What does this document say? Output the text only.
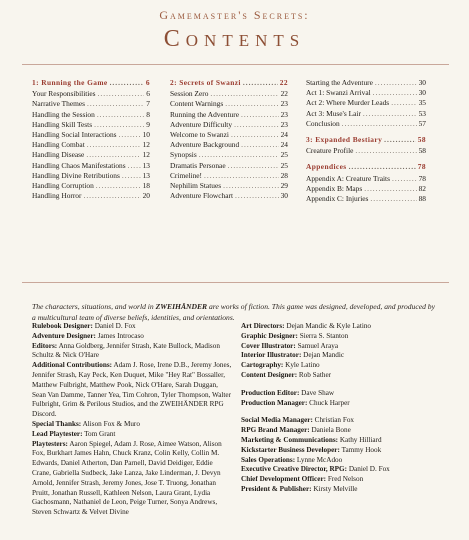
Gamemaster's Secrets:
Contents
1: Running the Game .....	6
Your Responsibilities .....	6
Narrative Themes .....	7
Handling the Session .....	8
Handling Skill Tests .....	9
Handling Social Interactions .....	10
Handling Combat .....	12
Handling Disease .....	12
Handling Chaos Manifestations ..... 13
Handling Divine Retributions .....	13
Handling Corruption .....	18
Handling Horror .....	20
2: Secrets of Swanzi .....	22
Session Zero .....	22
Content Warnings .....	23
Running the Adventure .....	23
Adventure Difficulty .....	23
Welcome to Swanzi .....	24
Adventure Background .....	24
Synopsis .....	25
Dramatis Personae .....	25
Crimeline! .....	28
Nephilim Statues .....	29
Adventure Flowchart .....	30
Starting the Adventure .....	30
Act 1: Swanzi Arrival .....	30
Act 2: Where Murder Leads .....	35
Act 3: Muse's Lair .....	53
Conclusion .....	57
3: Expanded Bestiary .....	58
Creature Profile .....	58
Appendices .....	78
Appendix A: Creature Traits .....	78
Appendix B: Maps .....	82
Appendix C: Injuries .....	88
The characters, situations, and world in ZWEIHÄNDER are works of fiction. This game was designed, developed, and produced by a multicultural team of diverse beliefs, identities, and orientations.

Rulebook Designer: Daniel D. Fox

Adventure Designer: James Introcaso

Editors: Anna Goldberg, Jennifer Strash, Kate Bullock, Madison Schultz & Nick O'Hare

Additional Contributions: Adam J. Rose, Irene D.B., Jeremy Jones, Jennifer Strash, Kay Peck, Ken Duquet, Mike "Hey Rat" Bossaller, Matthew Fulbright, Matthew Pook, Nick O'Hare, Sarah Duggan, Sean Van Damme, Tanner Yea, Tim Cohron, Tyler Thompson, Walter Fulbright, Grim & Perilous Studios, and the ZWEIHÄNDER RPG Discord.

Special Thanks: Alison Fox & Muro

Lead Playtester: Tom Grant

Playtesters: Aaron Spiegel, Adam J. Rose, Aimee Watson, Alison Fox, Burkhart James Hahn, Chuck Kranz, Colin Kelly, Collin M. Edwards, Daniel Atherton, Dan Parnell, David Deidiger, Eddie Crane, Gabriella Sudbeck, Jake Lanza, Jake Linderman, J. Devyn Arnold, Jennifer Strash, Jeremy Jones, Jose T. Truong, Jonathan Pruitt, Jonathan Russell, Kathleen Nelson, Laura Grant, Lydia Gachosmann, Nathaniel de Leon, Peige Turner, Sonya Andrews, Steven Schwartz & Velvet Divine

Art Directors: Dejan Mandic & Kyle Latino

Graphic Designer: Sierra S. Stanton

Cover Illustrator: Samuel Araya

Interior Illustrator: Dejan Mandic

Cartography: Kyle Latino

Content Designer: Rob Sather

Production Editor: Dave Shaw

Production Manager: Chuck Harper

Social Media Manager: Christian Fox

RPG Brand Manager: Daniela Bone

Marketing & Communications: Kathy Hilliard

Kickstarter Business Developer: Tammy Hook

Sales Operations: Lynne McAdoo

Executive Creative Director, RPG: Daniel D. Fox

Chief Development Officer: Fred Nelson

President & Publisher: Kirsty Melville
